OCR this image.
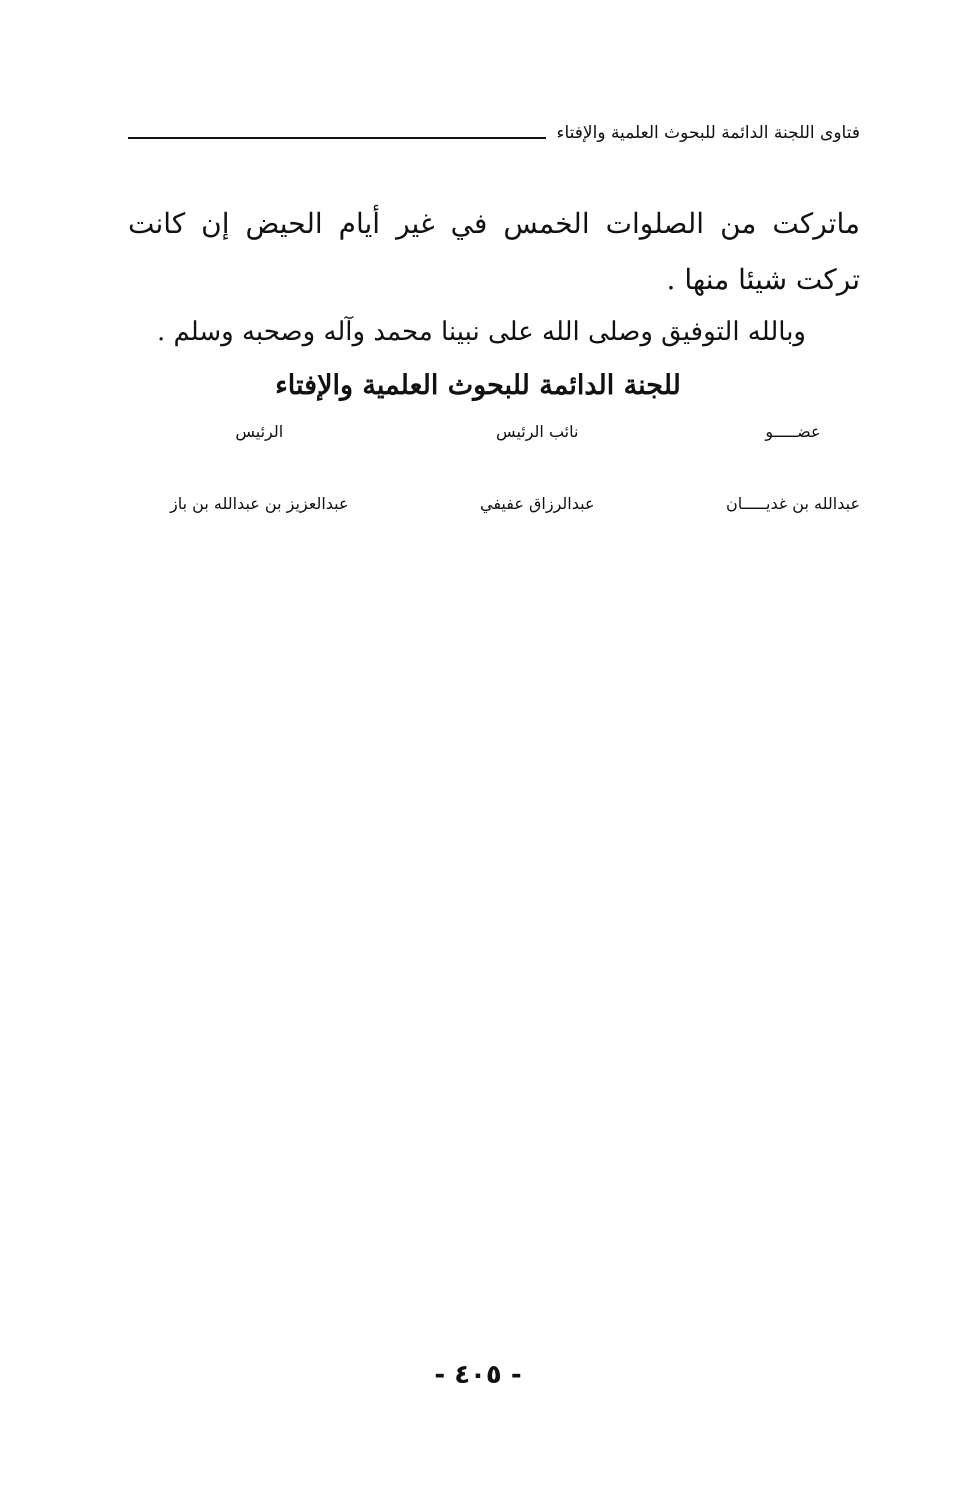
فتاوى اللجنة الدائمة للبحوث العلمية والإفتاء
ماتركت من الصلوات الخمس في غير أيام الحيض إن كانت تركت شيئا منها .
وبالله التوفيق وصلى الله على نبينا محمد وآله وصحبه وسلم .
للجنة الدائمة للبحوث العلمية والإفتاء
عضـــــو
عبدالله بن غديـــــان
نائب الرئيس
عبدالرزاق عفيفي
الرئيس
عبدالعزيز بن عبدالله بن باز
- ٤٠٥ -
